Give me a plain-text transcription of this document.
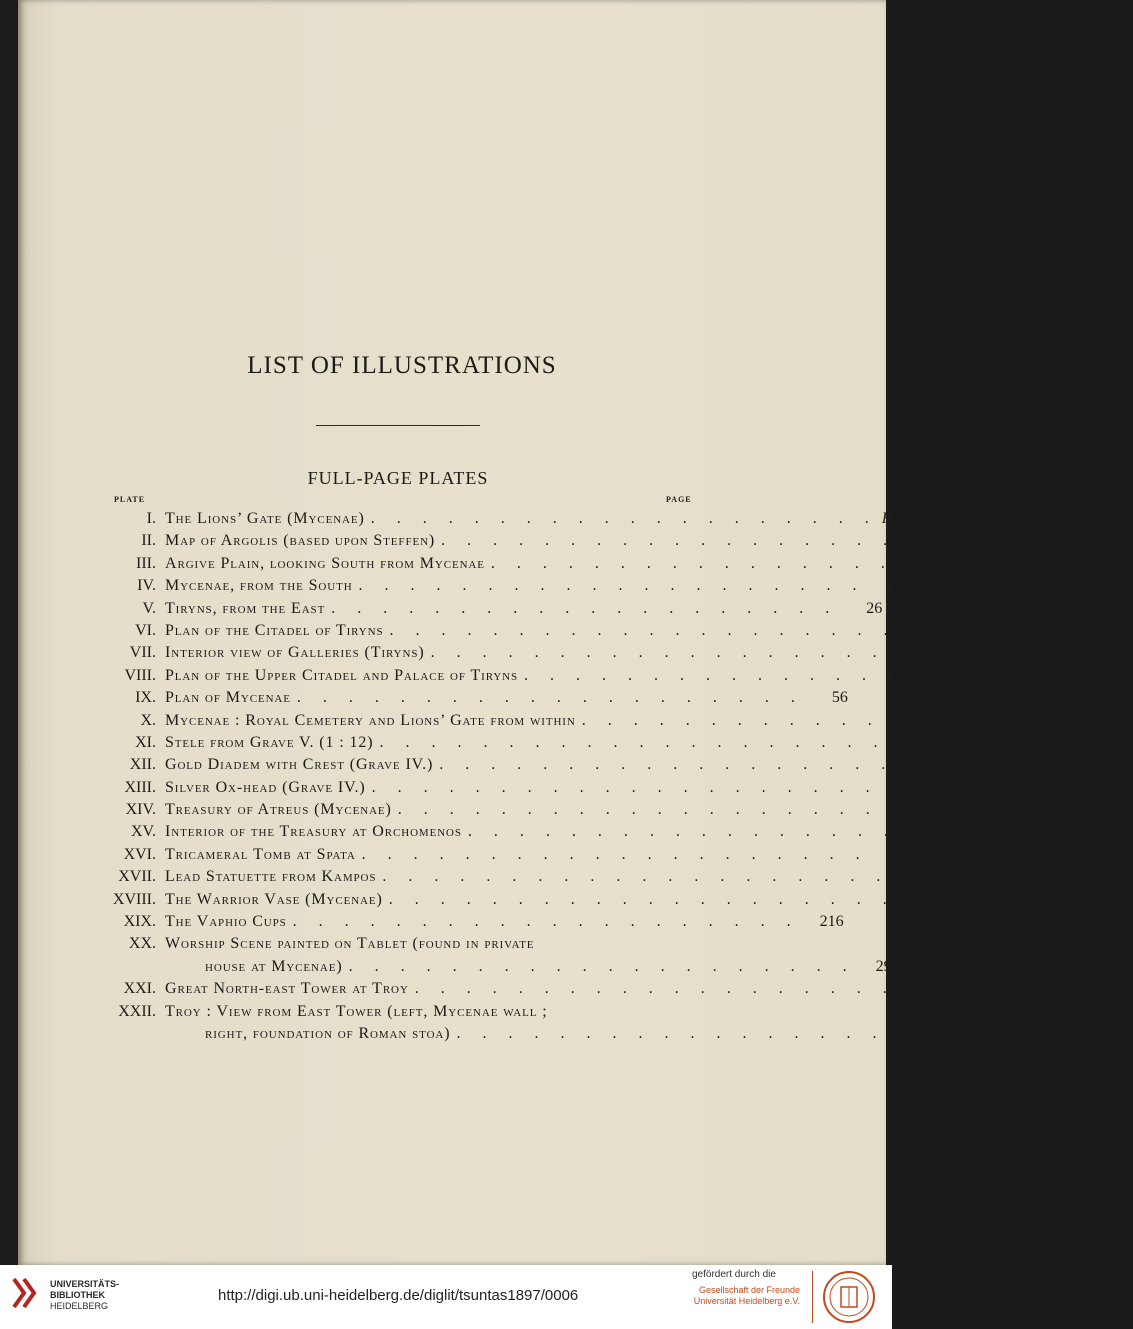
LIST OF ILLUSTRATIONS
FULL-PAGE PLATES
PLATE	PAGE
I. The Lions’ Gate (Mycenae) . . . . . . . . . . . . . . . . . . . . Frontispiece.
II. Map of Argolis (based upon Steffen) . . . . . . . . . . . . . . . . . . . .	12
III. Argive Plain, looking South from Mycenae . . . . . . . . . . . . . . . . . . . .	16
IV. Mycenae, from the South . . . . . . . . . . . . . . . . . . . .	20
V. Tiryns, from the East . . . . . . . . . . . . . . . . . . . .	26
VI. Plan of the Citadel of Tiryns . . . . . . . . . . . . . . . . . . . .	32
VII. Interior view of Galleries (Tiryns) . . . . . . . . . . . . . . . . . . . .	36
VIII. Plan of the Upper Citadel and Palace of Tiryns . . . . . . . . . . . . . . . . . . . .	44
IX. Plan of Mycenae . . . . . . . . . . . . . . . . . . . .	56
X. Mycenae : Royal Cemetery and Lions’ Gate from within . . . . . . . . . . . . . . . . . . . .	82
XI. Stele from Grave V. (1 : 12) . . . . . . . . . . . . . . . . . . . .	92
XII. Gold Diadem with Crest (Grave IV.) . . . . . . . . . . . . . . . . . . . .	100
XIII. Silver Ox-head (Grave IV.) . . . . . . . . . . . . . . . . . . . .	104
XIV. Treasury of Atreus (Mycenae) . . . . . . . . . . . . . . . . . . . .	114
XV. Interior of the Treasury at Orchomenos . . . . . . . . . . . . . . . . . . . .	128
XVI. Tricameral Tomb at Spata . . . . . . . . . . . . . . . . . . . .	136
XVII. Lead Statuette from Kampos . . . . . . . . . . . . . . . . . . . .	158
XVIII. The Warrior Vase (Mycenae) . . . . . . . . . . . . . . . . . . . .	190
XIX. The Vaphio Cups . . . . . . . . . . . . . . . . . . . .	216
XX. Worship Scene painted on Tablet (found in private
house at Mycenae) . . . . . . . . . . . . . . . . . . . .	294
XXI. Great North-east Tower at Troy . . . . . . . . . . . . . . . . . . . .	346
XXII. Troy : View from East Tower (left, Mycenae wall ;
right, foundation of Roman stoa) . . . . . . . . . . . . . . . . . . . .	366
UNIVERSITÄTS-
BIBLIOTHEK
HEIDELBERG
http://digi.ub.uni-heidelberg.de/diglit/tsuntas1897/0006
gefördert durch die
Gesellschaft der Freunde
Universität Heidelberg e.V.
